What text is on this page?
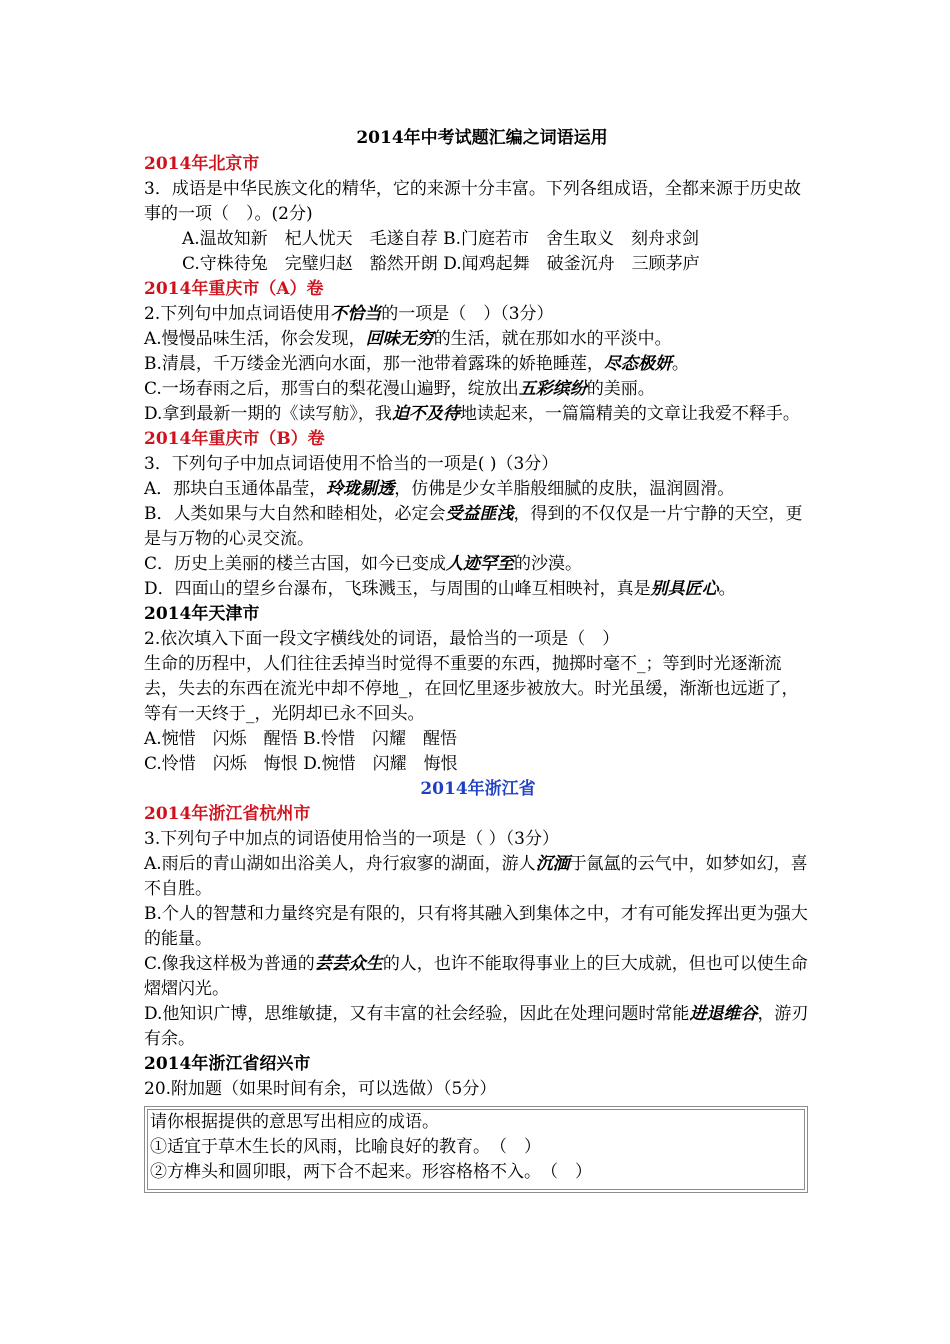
2014年中考试题汇编之词语运用
2014年北京市
3．成语是中华民族文化的精华，它的来源十分丰富。下列各组成语，全都来源于历史故事的一项（　）。(2分)
A.温故知新　杞人忧天　毛遂自荐 B.门庭若市　舍生取义　刻舟求剑
C.守株待兔　完璧归赵　豁然开朗 D.闻鸡起舞　破釜沉舟　三顾茅庐
2014年重庆市（A）卷
2.下列句中加点词语使用不恰当的一项是（　）（3分）
A.慢慢品味生活，你会发现，回味无穷的生活，就在那如水的平淡中。
B.清晨，千万缕金光洒向水面，那一池带着露珠的娇艳睡莲，尽态极妍。
C.一场春雨之后，那雪白的梨花漫山遍野，绽放出五彩缤纷的美丽。
D.拿到最新一期的《读写舫》，我迫不及待地读起来，一篇篇精美的文章让我爱不释手。
2014年重庆市（B）卷
3．下列句子中加点词语使用不恰当的一项是( )（3分）
A．那块白玉通体晶莹，玲珑剔透，仿佛是少女羊脂般细腻的皮肤，温润圆滑。
B．人类如果与大自然和睦相处，必定会受益匪浅，得到的不仅仅是一片宁静的天空，更是与万物的心灵交流。
C．历史上美丽的楼兰古国，如今已变成人迹罕至的沙漠。
D．四面山的望乡台瀑布，飞珠溅玉，与周围的山峰互相映衬，真是别具匠心。
2014年天津市
2.依次填入下面一段文字横线处的词语，最恰当的一项是（　）
生命的历程中，人们往往丢掉当时觉得不重要的东西，抛掷时毫不_；等到时光逐渐流去，失去的东西在流光中却不停地_，在回忆里逐步被放大。时光虽缓，渐渐也远逝了，等有一天终于_，光阴却已永不回头。
A.惋惜　闪烁　醒悟 B.怜惜　闪耀　醒悟
C.怜惜　闪烁　悔恨 D.惋惜　闪耀　悔恨
2014年浙江省
2014年浙江省杭州市
3.下列句子中加点的词语使用恰当的一项是（ ）（3分）
A.雨后的青山湖如出浴美人，舟行寂寥的湖面，游人沉湎于氤氲的云气中，如梦如幻，喜不自胜。
B.个人的智慧和力量终究是有限的，只有将其融入到集体之中，才有可能发挥出更为强大的能量。
C.像我这样极为普通的芸芸众生的人，也许不能取得事业上的巨大成就，但也可以使生命熠熠闪光。
D.他知识广博，思维敏捷，又有丰富的社会经验，因此在处理问题时常能进退维谷，游刃有余。
2014年浙江省绍兴市
20.附加题（如果时间有余，可以选做）（5分）
请你根据提供的意思写出相应的成语。
①适宜于草木生长的风雨，比喻良好的教育。　（　）
②方榫头和圆卯眼，两下合不起来。形容格格不入。　（　）
